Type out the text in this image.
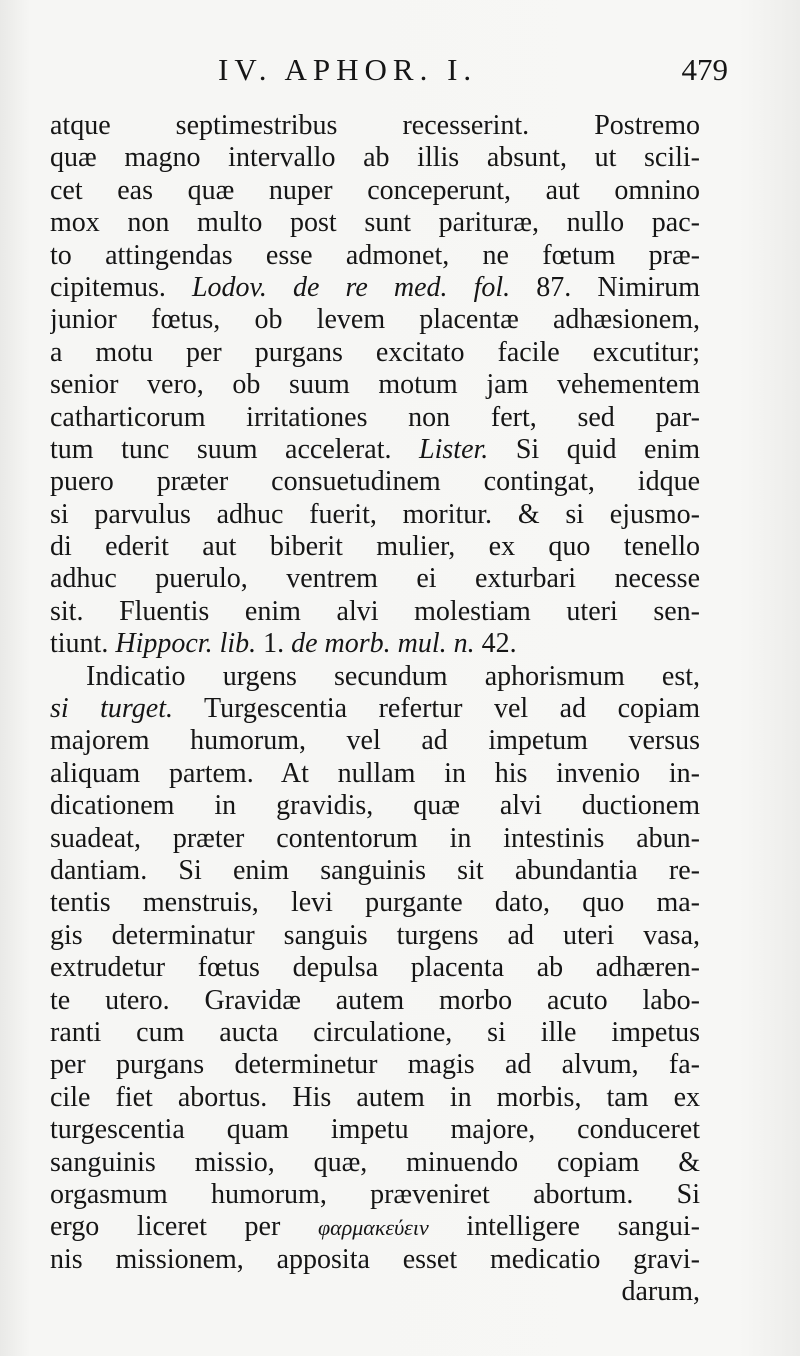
IV. APHOR. I.	479
atque septimestribus recesserint. Postremo
quæ magno intervallo ab illis absunt, ut scili-
cet eas quæ nuper conceperunt, aut omnino
mox non multo post sunt parituræ, nullo pac-
to attingendas esse admonet, ne fœtum præ-
cipitemus. Lodov. de re med. fol. 87. Nimirum
junior fœtus, ob levem placentæ adhæsionem,
a motu per purgans excitato facile excutitur;
senior vero, ob suum motum jam vehementem
catharticorum irritationes non fert, sed par-
tum tunc suum accelerat. Lister. Si quid enim
puero præter consuetudinem contingat, idque
si parvulus adhuc fuerit, moritur. & si ejusmo-
di ederit aut biberit mulier, ex quo tenello
adhuc puerulo, ventrem ei exturbari necesse
sit. Fluentis enim alvi molestiam uteri sen-
tiunt. Hippocr. lib. 1. de morb. mul. n. 42.
Indicatio urgens secundum aphorismum est,
si turget. Turgescentia refertur vel ad copiam
majorem humorum, vel ad impetum versus
aliquam partem. At nullam in his invenio in-
dicationem in gravidis, quæ alvi ductionem
suadeat, præter contentorum in intestinis abun-
dantiam. Si enim sanguinis sit abundantia re-
tentis menstruis, levi purgante dato, quo ma-
gis determinatur sanguis turgens ad uteri vasa,
extrudetur fœtus depulsa placenta ab adhæren-
te utero. Gravidæ autem morbo acuto labo-
ranti cum aucta circulatione, si ille impetus
per purgans determinetur magis ad alvum, fa-
cile fiet abortus. His autem in morbis, tam ex
turgescentia quam impetu majore, conduceret
sanguinis missio, quæ, minuendo copiam &
orgasmum humorum, præveniret abortum. Si
ergo liceret per φαρμακεύειν intelligere sangui-
nis missionem, apposita esset medicatio gravi-
darum,
